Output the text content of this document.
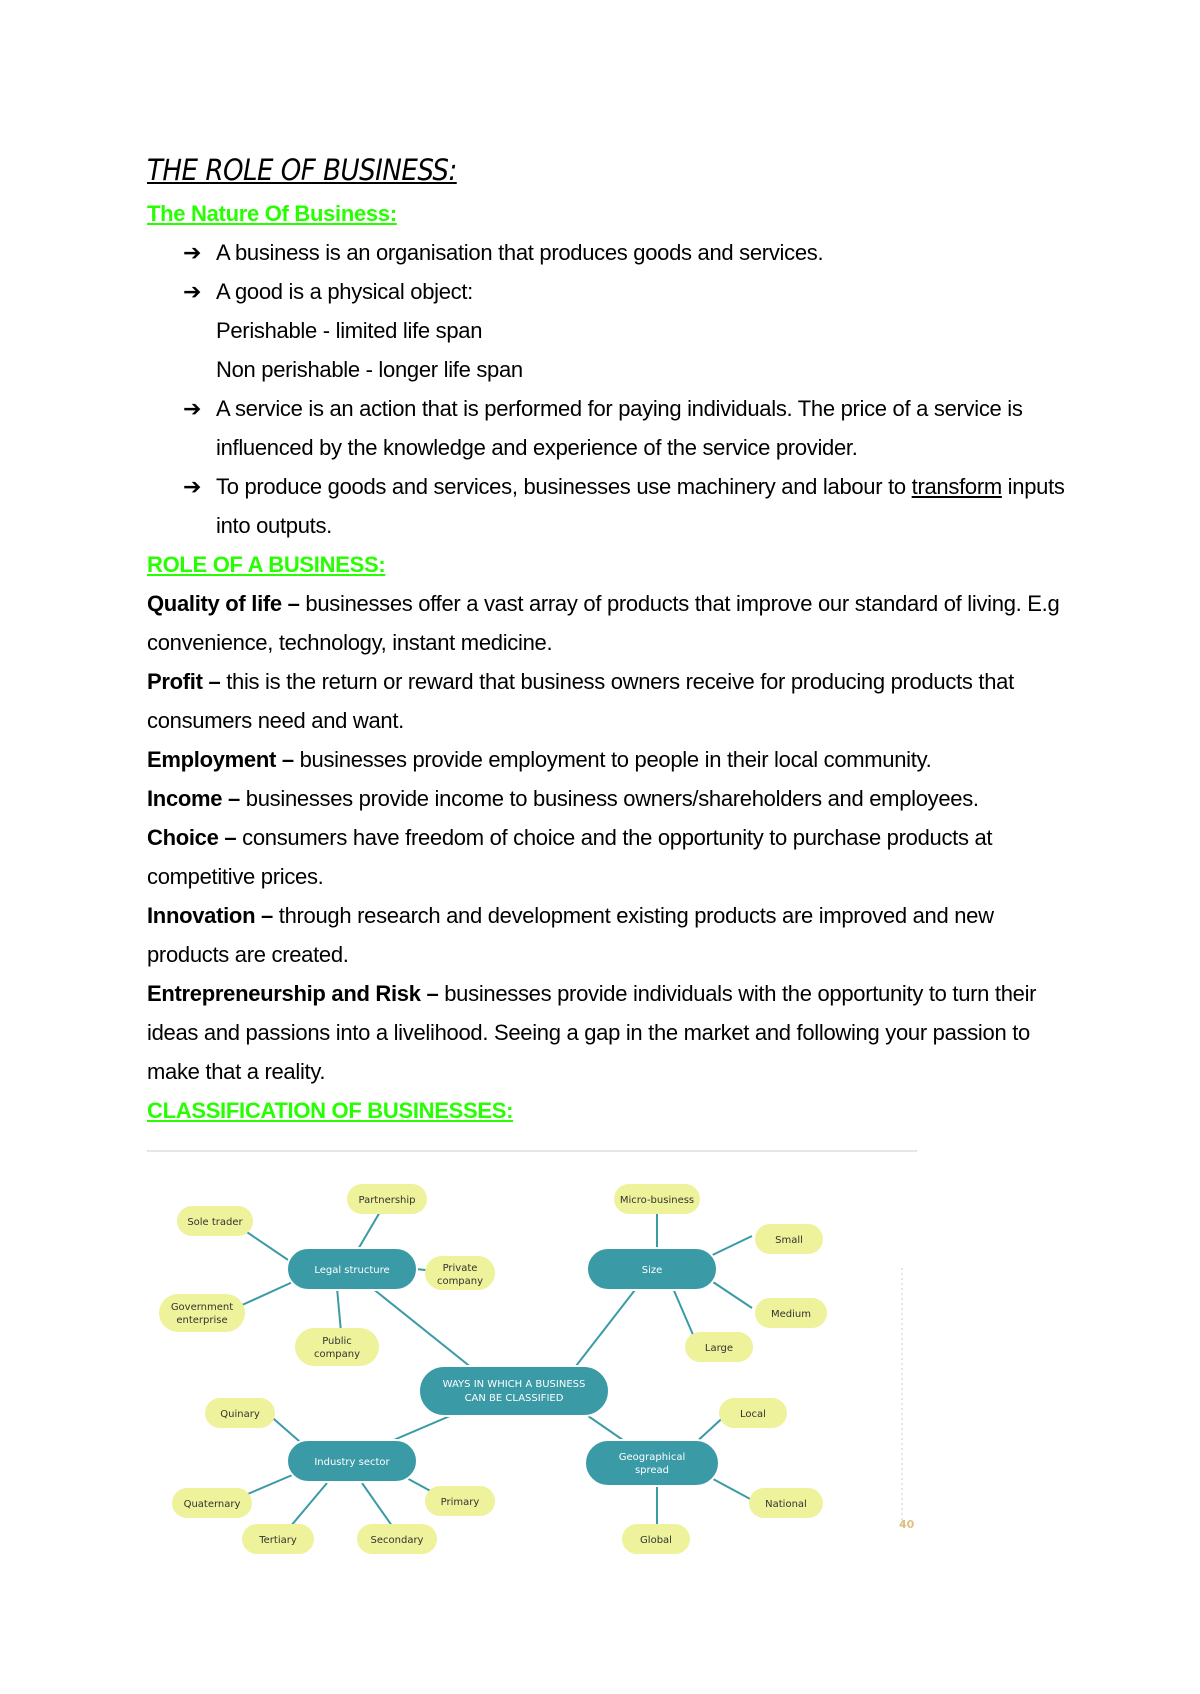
THE ROLE OF BUSINESS:
The Nature Of Business:
➔ A business is an organisation that produces goods and services.
➔ A good is a physical object:
Perishable - limited life span
Non perishable - longer life span
➔ A service is an action that is performed for paying individuals. The price of a service is influenced by the knowledge and experience of the service provider.
➔ To produce goods and services, businesses use machinery and labour to transform inputs into outputs.
ROLE OF A BUSINESS:

Quality of life – businesses offer a vast array of products that improve our standard of living. E.g convenience, technology, instant medicine.

Profit – this is the return or reward that business owners receive for producing products that consumers need and want.

Employment – businesses provide employment to people in their local community.

Income – businesses provide income to business owners/shareholders and employees.

Choice – consumers have freedom of choice and the opportunity to purchase products at competitive prices.

Innovation – through research and development existing products are improved and new products are created.

Entrepreneurship and Risk – businesses provide individuals with the opportunity to turn their ideas and passions into a livelihood. Seeing a gap in the market and following your passion to make that a reality.

CLASSIFICATION OF BUSINESSES:
WAYS IN WHICH A BUSINESS
CAN BE CLASSIFIED
Legal structure	Size
Industry sector	Geographical
spread
Sole trader
Partnership
Private
company
Government
enterprise
Public
company
Micro-business
Small
Medium
Large
Quinary
Quaternary
Tertiary	Secondary
Primary
Local
National
Global
40
